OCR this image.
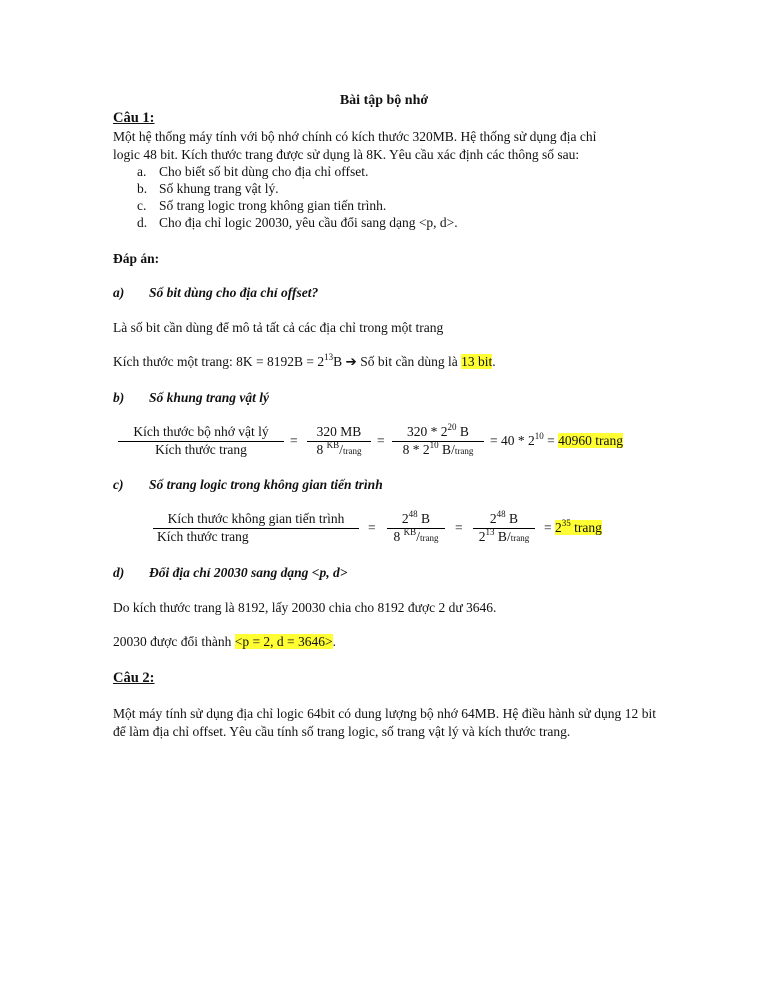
Bài tập bộ nhớ
Câu 1:
Một hệ thống máy tính với bộ nhớ chính có kích thước 320MB. Hệ thống sử dụng địa chỉ
logic 48 bit. Kích thước trang được sử dụng là 8K. Yêu cầu xác định các thông số sau:
a. Cho biết số bit dùng cho địa chỉ offset.
b. Số khung trang vật lý.
c. Số trang logic trong không gian tiến trình.
d. Cho địa chỉ logic 20030, yêu cầu đổi sang dạng <p, d>.
Đáp án:
a) Số bit dùng cho địa chỉ offset?
Là số bit cần dùng để mô tả tất cả các địa chỉ trong một trang
Kích thước một trang: $8K = 8192B = 2^{13}B$ ➔ Số bit cần dùng là 13 bit.
b) Số khung trang vật lý
Kích thước bộ nhớ vật lý
Kích thước trang
=
320 MB
8 $^{KB}$/trang
=
$320 * 2^{20}$ B
$8 * 2^{10}$ B/trang
= $40 * 2^{10} = 40960$ trang
c) Số trang logic trong không gian tiến trình
Kích thước không gian tiến trình
Kích thước trang
=
$2^{48}$ B
8 $^{KB}$/trang
=
$2^{48}$ B
$2^{13}$ B/trang
= $2^{35}$ trang
d) Đổi địa chỉ 20030 sang dạng <p, d>
Do kích thước trang là 8192, lấy 20030 chia cho 8192 được 2 dư 3646.
20030 được đổi thành <p = 2, d = 3646>.
Câu 2:
Một máy tính sử dụng địa chỉ logic 64bit có dung lượng bộ nhớ 64MB. Hệ điều hành sử dụng 12 bit để làm địa chỉ offset. Yêu cầu tính số trang logic, số trang vật lý và kích thước trang.
